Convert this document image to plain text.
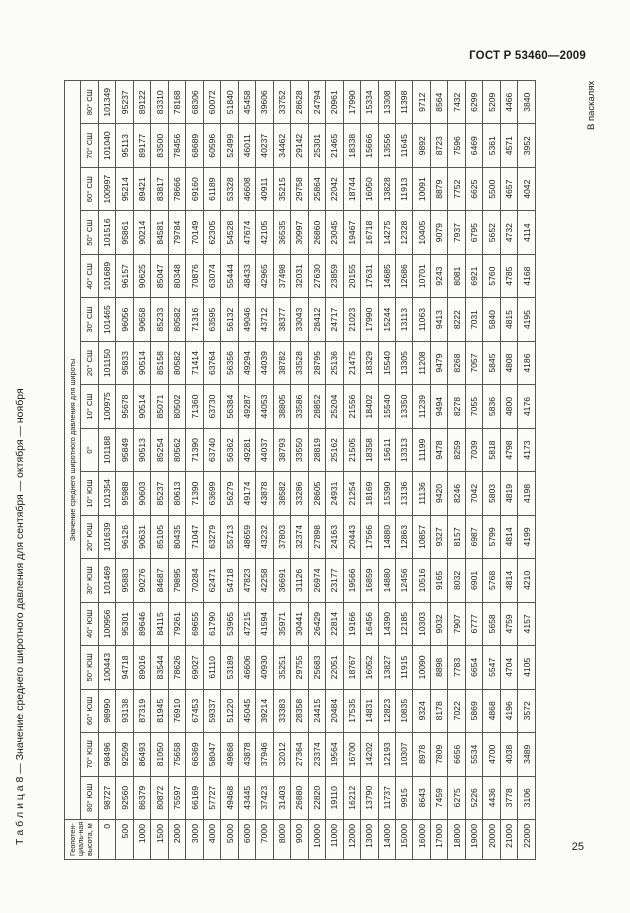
ГОСТ Р 53460—2009
Т а б л и ц а 8 — Значение среднего широтного давления для сентября — октября — ноября
В паскалях
Геопотен-циаль-ная высота, м	Значение среднего широтного давления для широты																
	80° ЮШ	70° ЮШ	60° ЮШ	50° ЮШ	40° ЮШ	30° ЮШ	20° ЮШ	10° ЮШ	0°	10° СШ	20° СШ	30° СШ	40° СШ	50° СШ	60° СШ	70° СШ	80° СШ
0	98727	98496	98990	100443	100956	101469	101639	101354	101188	100975	101150	101465	101689	101516	100997	101040	101349
500	92560	92509	93138	94718	95301	95883	96126	95988	95849	95678	95833	96056	96157	95861	95214	95113	95237
1000	86379	86493	87319	89016	89646	90276	90631	90603	90513	90514	90514	90658	90625	90214	89421	89177	89122
1500	80872	81050	81945	83544	84115	84687	85105	85237	85254	85071	85158	85233	85047	84581	83817	83500	83310
2000	75597	75658	76910	78626	79261	79895	80435	80613	80562	80502	80582	80582	80348	79784	78666	78456	78168
3000	66169	66369	67453	69027	69655	70284	71047	71390	71390	71360	71414	71316	70876	70149	69160	68689	68306
4000	57727	58047	59337	61110	61790	62471	63279	63699	63740	63730	63764	63595	63074	62305	61189	60596	60072
5000	49468	49868	51220	53189	53965	54718	55713	56279	56362	56384	56356	56132	55444	54528	53328	52499	51840
6000	43445	43878	45045	46606	47215	47823	48659	49174	49281	49287	49294	49046	48433	47674	46608	46011	45458
7000	37423	37946	39214	40930	41594	42258	43232	43878	44037	44053	44039	43712	42965	42105	40911	40237	39606
8000	31403	32012	33383	35251	35971	36691	37803	38582	38793	38805	38782	38377	37498	36535	35215	34462	33752
9000	26880	27364	28358	29755	30441	31126	32374	33286	33550	33586	33528	33043	32031	30997	29758	29142	28628
10000	22820	23374	24415	25683	26429	26974	27898	28605	28819	28852	28795	28412	27630	26860	25864	25301	24794
11000	19110	19564	20484	22051	22814	23177	24163	24931	25162	25204	25136	24717	23859	23045	22042	21465	20961
12000	16212	16700	17535	18767	19166	19566	20443	21254	21505	21556	21475	21023	20155	19467	18744	18338	17990
13000	13790	14202	14831	16052	16456	16859	17566	18169	18358	18402	18329	17990	17631	16718	16050	15666	15334
14000	11737	12193	12823	13827	14390	14880	14880	15390	15611	15540	15540	15244	14685	14275	13828	13556	13308
15000	9915	10307	10835	11915	12185	12456	12863	13136	13313	13350	13305	13113	12686	12328	11913	11645	11398
16000	8643	8978	9324	10090	10303	10516	10857	11136	11199	11239	11208	11063	10701	10405	10091	9892	9712
17000	7459	7809	8178	8898	9032	9165	9327	9420	9478	9494	9479	9413	9243	9079	8879	8723	8564
18000	6275	6656	7022	7783	7907	8032	8157	8246	8259	8278	8268	8222	8081	7937	7752	7596	7432
19000	5226	5534	5869	6654	6777	6901	6987	7042	7039	7055	7057	7031	6921	6795	6625	6469	6299
20000	4436	4700	4868	5547	5658	5768	5799	5803	5818	5836	5845	5840	5760	5652	5500	5361	5209
21000	3778	4038	4196	4704	4759	4814	4814	4819	4798	4800	4808	4815	4785	4732	4657	4571	4466
22000	3106	3489	3572	4105	4157	4210	4199	4198	4173	4176	4186	4195	4168	4114	4042	3952	3840
25
